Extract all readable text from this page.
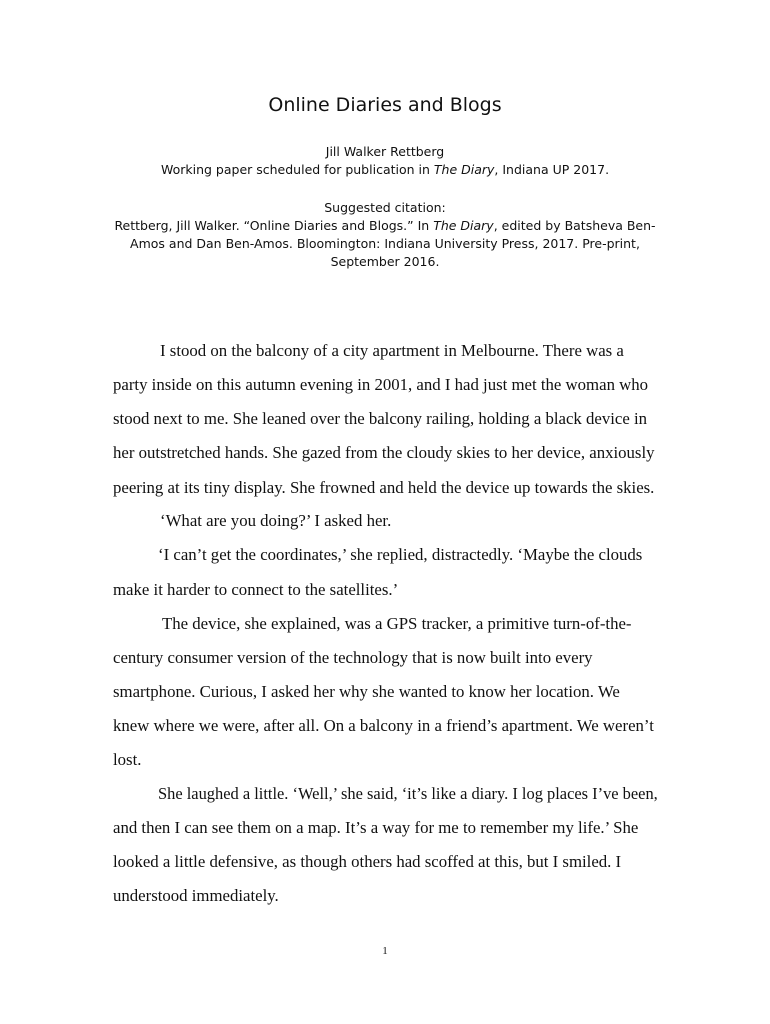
Online Diaries and Blogs
Jill Walker Rettberg
Working paper scheduled for publication in The Diary, Indiana UP 2017.
Suggested citation:
Rettberg, Jill Walker. “Online Diaries and Blogs.” In The Diary, edited by Batsheva Ben-Amos and Dan Ben-Amos. Bloomington: Indiana University Press, 2017. Pre-print, September 2016.
I stood on the balcony of a city apartment in Melbourne. There was a
party inside on this autumn evening in 2001, and I had just met the woman who
stood next to me. She leaned over the balcony railing, holding a black device in
her outstretched hands. She gazed from the cloudy skies to her device, anxiously
peering at its tiny display. She frowned and held the device up towards the skies.
‘What are you doing?’ I asked her.
‘I can’t get the coordinates,’ she replied, distractedly. ‘Maybe the clouds
make it harder to connect to the satellites.’
The device, she explained, was a GPS tracker, a primitive turn-of-the-
century consumer version of the technology that is now built into every
smartphone. Curious, I asked her why she wanted to know her location. We
knew where we were, after all. On a balcony in a friend’s apartment. We weren’t
lost.
She laughed a little. ‘Well,’ she said, ‘it’s like a diary. I log places I’ve been,
and then I can see them on a map. It’s a way for me to remember my life.’ She
looked a little defensive, as though others had scoffed at this, but I smiled. I
understood immediately.
1
